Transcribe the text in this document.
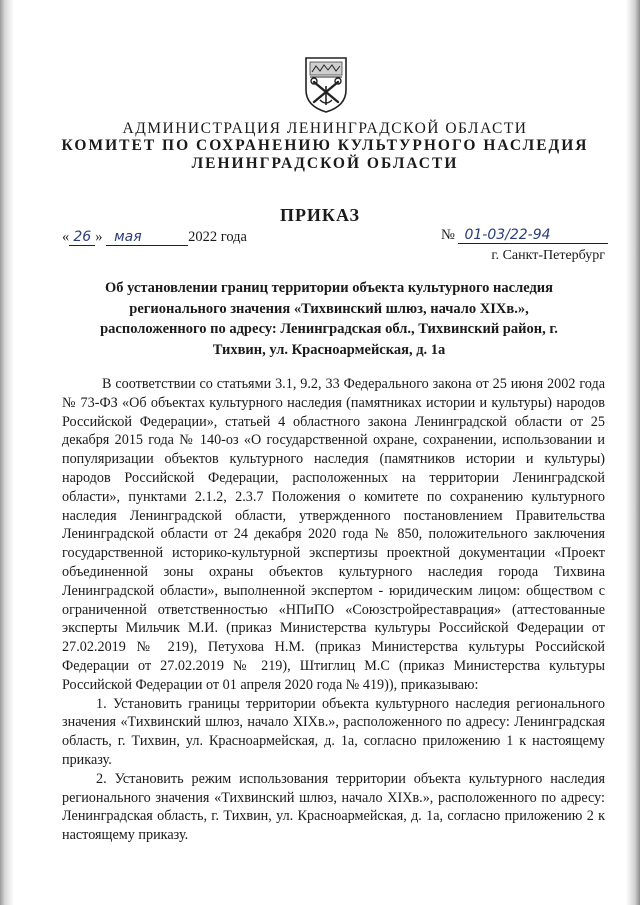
АДМИНИСТРАЦИЯ ЛЕНИНГРАДСКОЙ ОБЛАСТИ
КОМИТЕТ ПО СОХРАНЕНИЮ КУЛЬТУРНОГО НАСЛЕДИЯ
ЛЕНИНГРАДСКОЙ ОБЛАСТИ
ПРИКАЗ
« 26 » мая	2022 года	№ 01-03/22-94
г. Санкт-Петербург
Об установлении границ территории объекта культурного наследия регионального значения «Тихвинский шлюз, начало XIXв.», расположенного по адресу: Ленинградская обл., Тихвинский район, г. Тихвин, ул. Красноармейская, д. 1а

В соответствии со статьями 3.1, 9.2, 33 Федерального закона от 25 июня 2002 года № 73-ФЗ «Об объектах культурного наследия (памятниках истории и культуры) народов Российской Федерации», статьей 4 областного закона Ленинградской области от 25 декабря 2015 года № 140-оз «О государственной охране, сохранении, использовании и популяризации объектов культурного наследия (памятников истории и культуры) народов Российской Федерации, расположенных на территории Ленинградской области», пунктами 2.1.2, 2.3.7 Положения о комитете по сохранению культурного наследия Ленинградской области, утвержденного постановлением Правительства Ленинградской области от 24 декабря 2020 года № 850, положительного заключения государственной историко-культурной экспертизы проектной документации «Проект объединенной зоны охраны объектов культурного наследия города Тихвина Ленинградской области», выполненной экспертом - юридическим лицом: обществом с ограниченной ответственностью «НПиПО «Союзстройреставрация» (аттестованные эксперты Мильчик М.И. (приказ Министерства культуры Российской Федерации от 27.02.2019 № 219), Петухова Н.М. (приказ Министерства культуры Российской Федерации от 27.02.2019 № 219), Штиглиц М.С (приказ Министерства культуры Российской Федерации от 01 апреля 2020 года № 419)), приказываю:

1. Установить границы территории объекта культурного наследия регионального значения «Тихвинский шлюз, начало XIXв.», расположенного по адресу: Ленинградская область, г. Тихвин, ул. Красноармейская, д. 1а, согласно приложению 1 к настоящему приказу.

2. Установить режим использования территории объекта культурного наследия регионального значения «Тихвинский шлюз, начало XIXв.», расположенного по адресу: Ленинградская область, г. Тихвин, ул. Красноармейская, д. 1а, согласно приложению 2 к настоящему приказу.
